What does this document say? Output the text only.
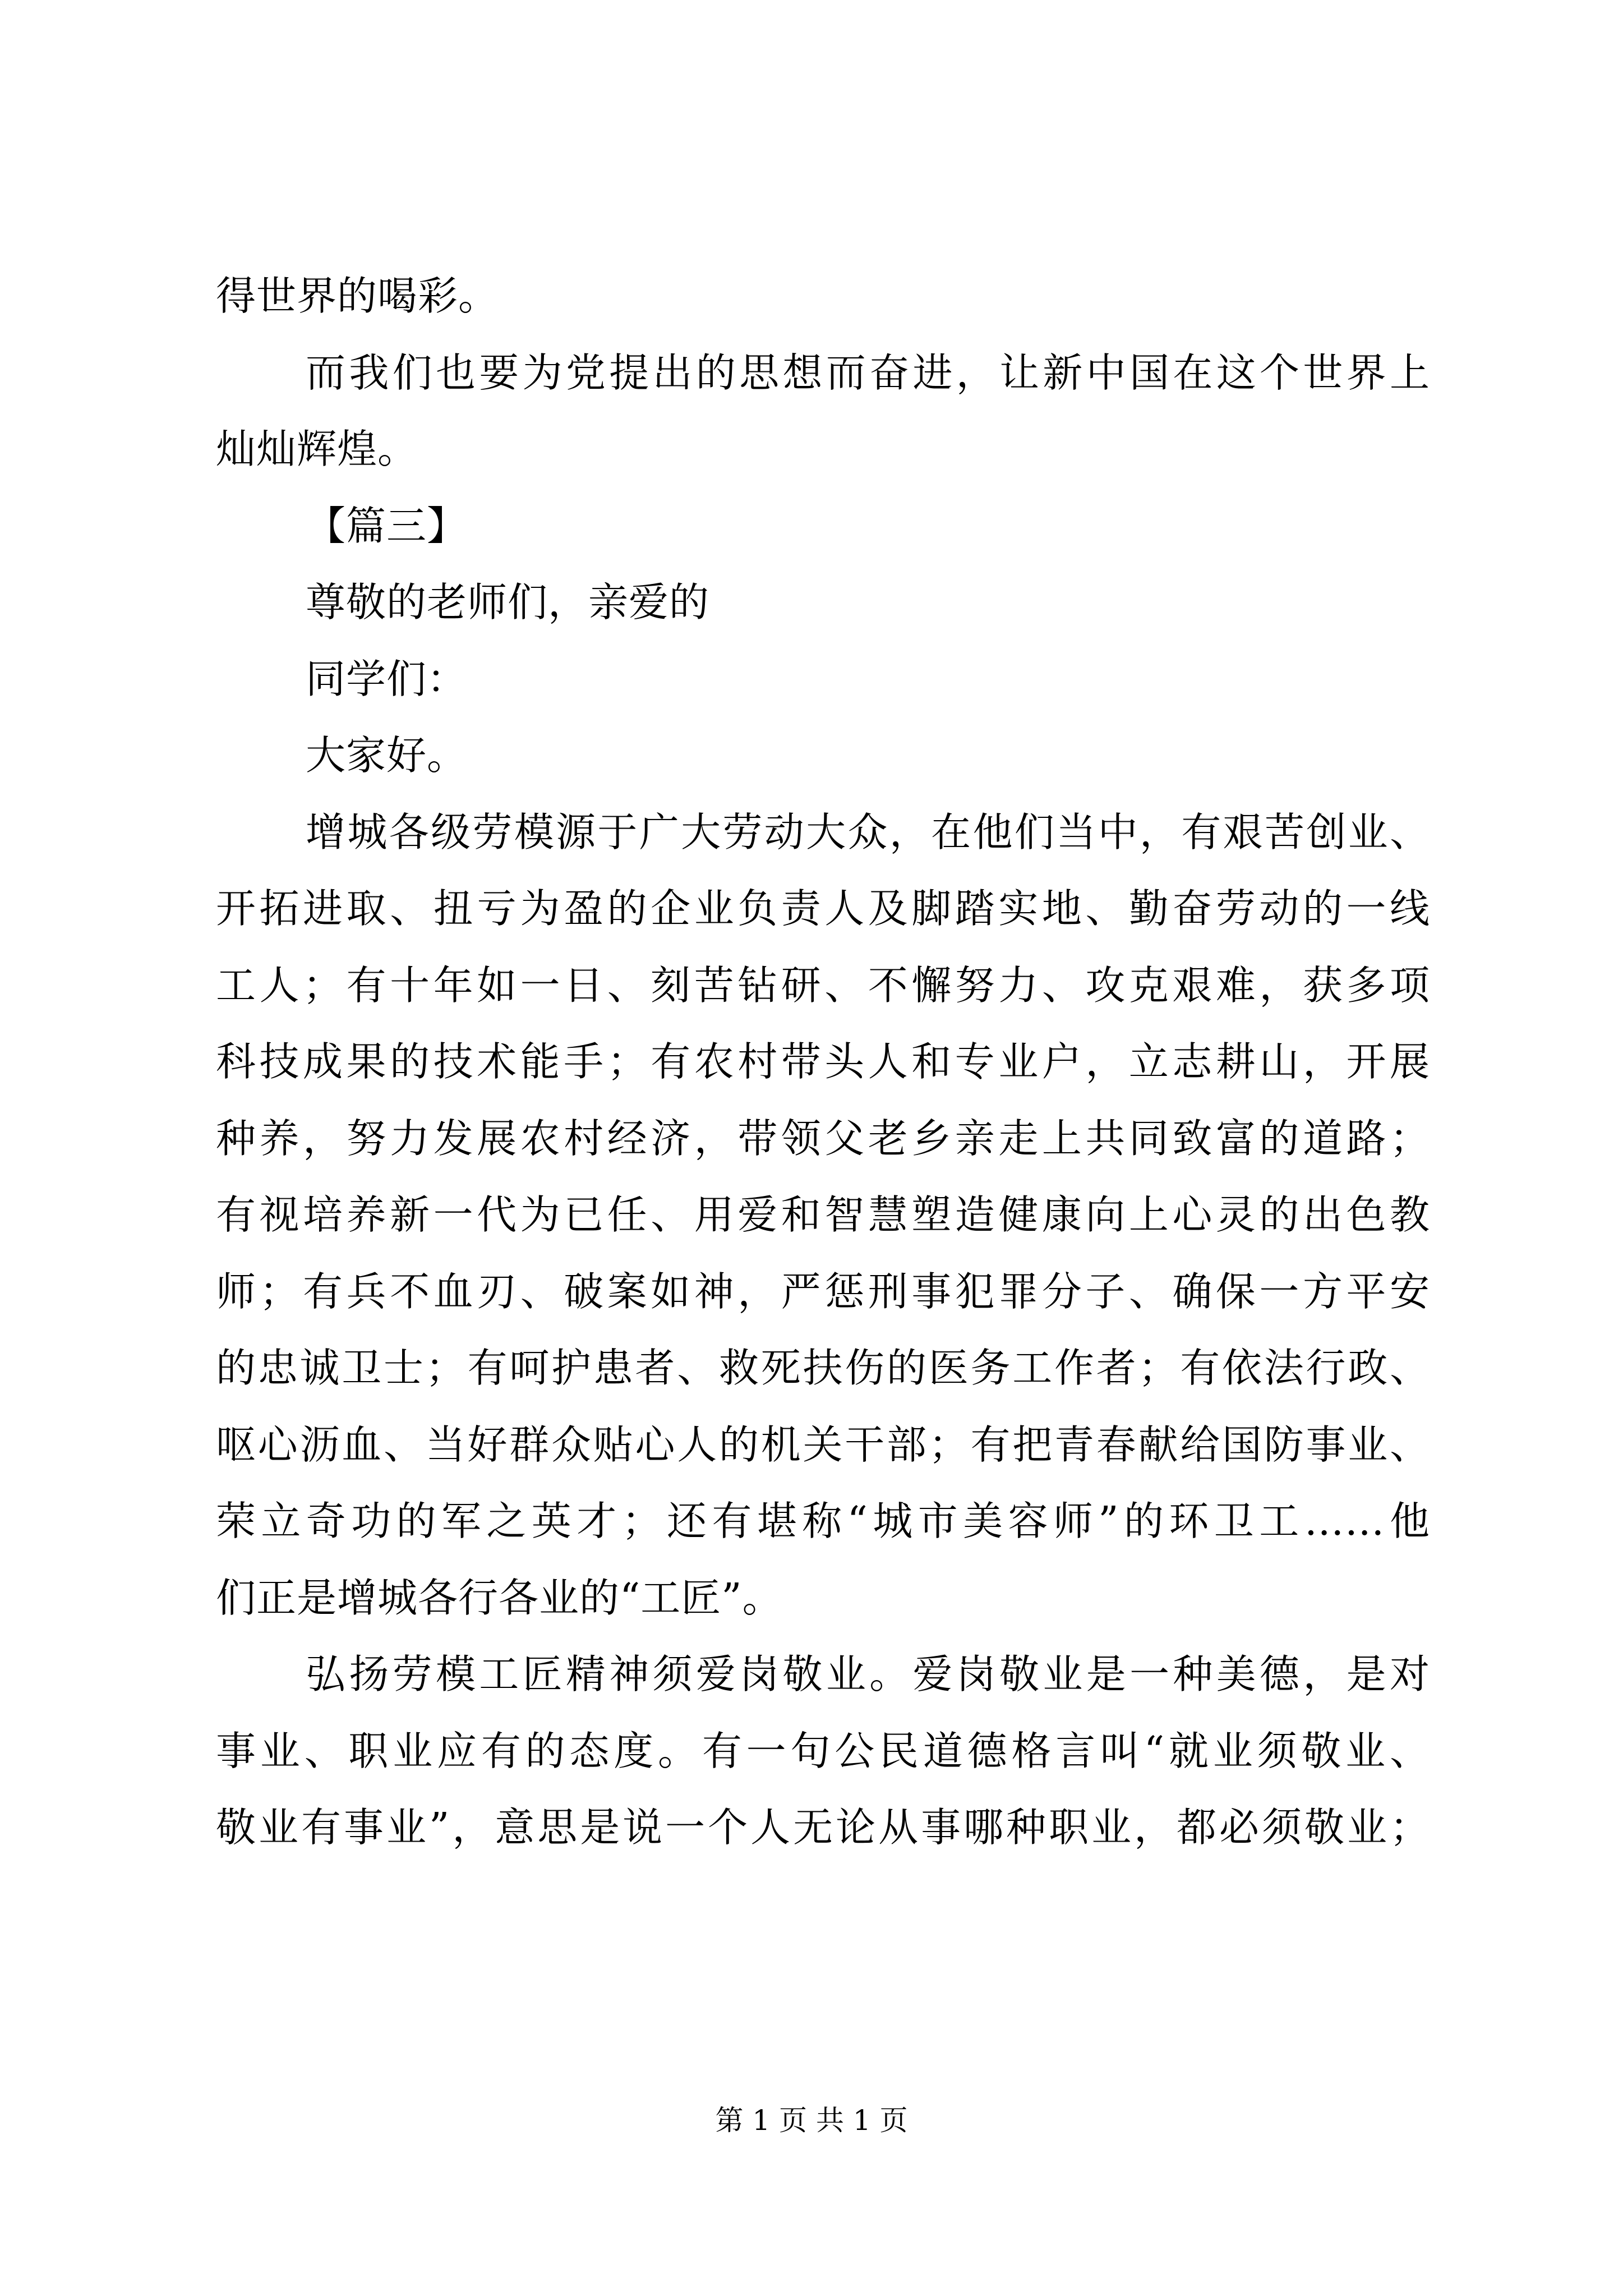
得世界的喝彩。
而我们也要为党提出的思想而奋进，让新中国在这个世界上
灿灿辉煌。
【篇三】
尊敬的老师们，亲爱的
同学们：
大家好。
增城各级劳模源于广大劳动大众，在他们当中，有艰苦创业、
开拓进取、扭亏为盈的企业负责人及脚踏实地、勤奋劳动的一线
工人；有十年如一日、刻苦钻研、不懈努力、攻克艰难，获多项
科技成果的技术能手；有农村带头人和专业户，立志耕山，开展
种养，努力发展农村经济，带领父老乡亲走上共同致富的道路；
有视培养新一代为已任、用爱和智慧塑造健康向上心灵的出色教
师；有兵不血刃、破案如神，严惩刑事犯罪分子、确保一方平安
的忠诚卫士；有呵护患者、救死扶伤的医务工作者；有依法行政、
呕心沥血、当好群众贴心人的机关干部；有把青春献给国防事业、
荣立奇功的军之英才；还有堪称“城市美容师”的环卫工……他
们正是增城各行各业的“工匠”。
弘扬劳模工匠精神须爱岗敬业。爱岗敬业是一种美德，是对
事业、职业应有的态度。有一句公民道德格言叫“就业须敬业、
敬业有事业”，意思是说一个人无论从事哪种职业，都必须敬业；
第 1 页 共 1 页
